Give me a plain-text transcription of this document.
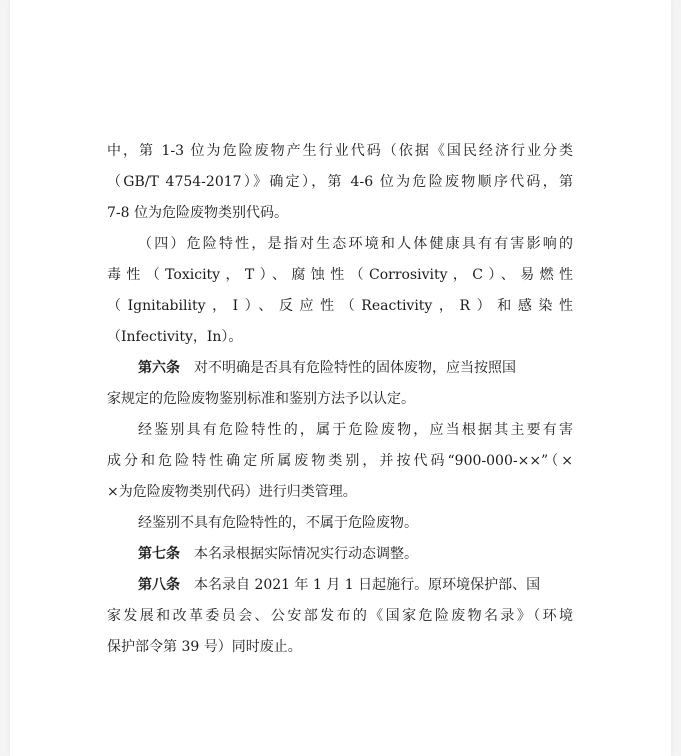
中，第 1-3 位为危险废物产生行业代码（依据《国民经济行业分类
（GB/T 4754-2017）》确定），第 4-6 位为危险废物顺序代码，第
7-8 位为危险废物类别代码。
（四）危险特性，是指对生态环境和人体健康具有有害影响的
毒性（Toxicity，T）、腐蚀性（Corrosivity，C）、易燃性
（Ignitability，I）、反应性（Reactivity，R）和感染性
（Infectivity，In）。
第六条 对不明确是否具有危险特性的固体废物，应当按照国
家规定的危险废物鉴别标准和鉴别方法予以认定。
经鉴别具有危险特性的，属于危险废物，应当根据其主要有害
成分和危险特性确定所属废物类别，并按代码“900-000-××”（×
×为危险废物类别代码）进行归类管理。
经鉴别不具有危险特性的，不属于危险废物。
第七条 本名录根据实际情况实行动态调整。
第八条 本名录自 2021 年 1 月 1 日起施行。原环境保护部、国
家发展和改革委员会、公安部发布的《国家危险废物名录》（环境
保护部令第 39 号）同时废止。
